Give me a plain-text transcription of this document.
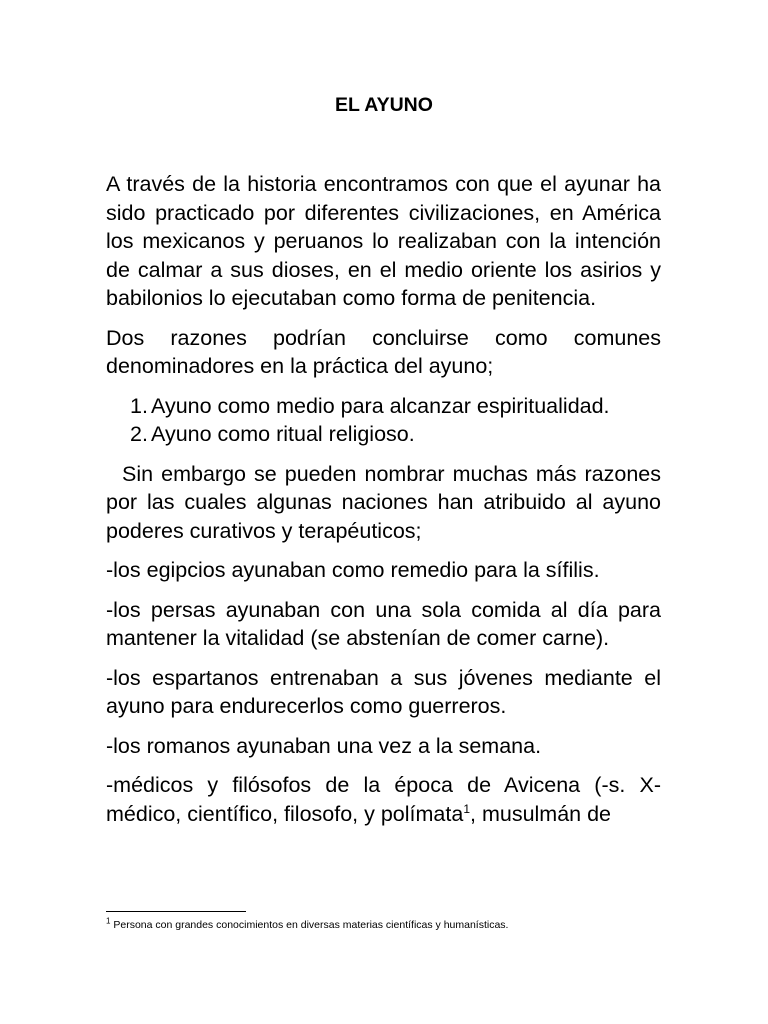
EL AYUNO

A través de la historia encontramos con que el ayunar ha sido practicado por diferentes civilizaciones, en América los mexicanos y peruanos lo realizaban con la intención de calmar a sus dioses, en el medio oriente los asirios y babilonios lo ejecutaban como forma de penitencia.

Dos razones podrían concluirse como comunes denominadores en la práctica del ayuno;

1. Ayuno como medio para alcanzar espiritualidad.
2. Ayuno como ritual religioso.

Sin embargo se pueden nombrar muchas más razones por las cuales algunas naciones han atribuido al ayuno poderes curativos y terapéuticos;

-los egipcios ayunaban como remedio para la sífilis.

-los persas ayunaban con una sola comida al día para mantener la vitalidad (se abstenían de comer carne).

-los espartanos entrenaban a sus jóvenes mediante el ayuno para endurecerlos como guerreros.

-los romanos ayunaban una vez a la semana.

-médicos y filósofos de la época de Avicena (-s. X- médico, científico, filosofo, y polímata$^1$, musulmán de

$^1$ Persona con grandes conocimientos en diversas materias científicas y humanísticas.
